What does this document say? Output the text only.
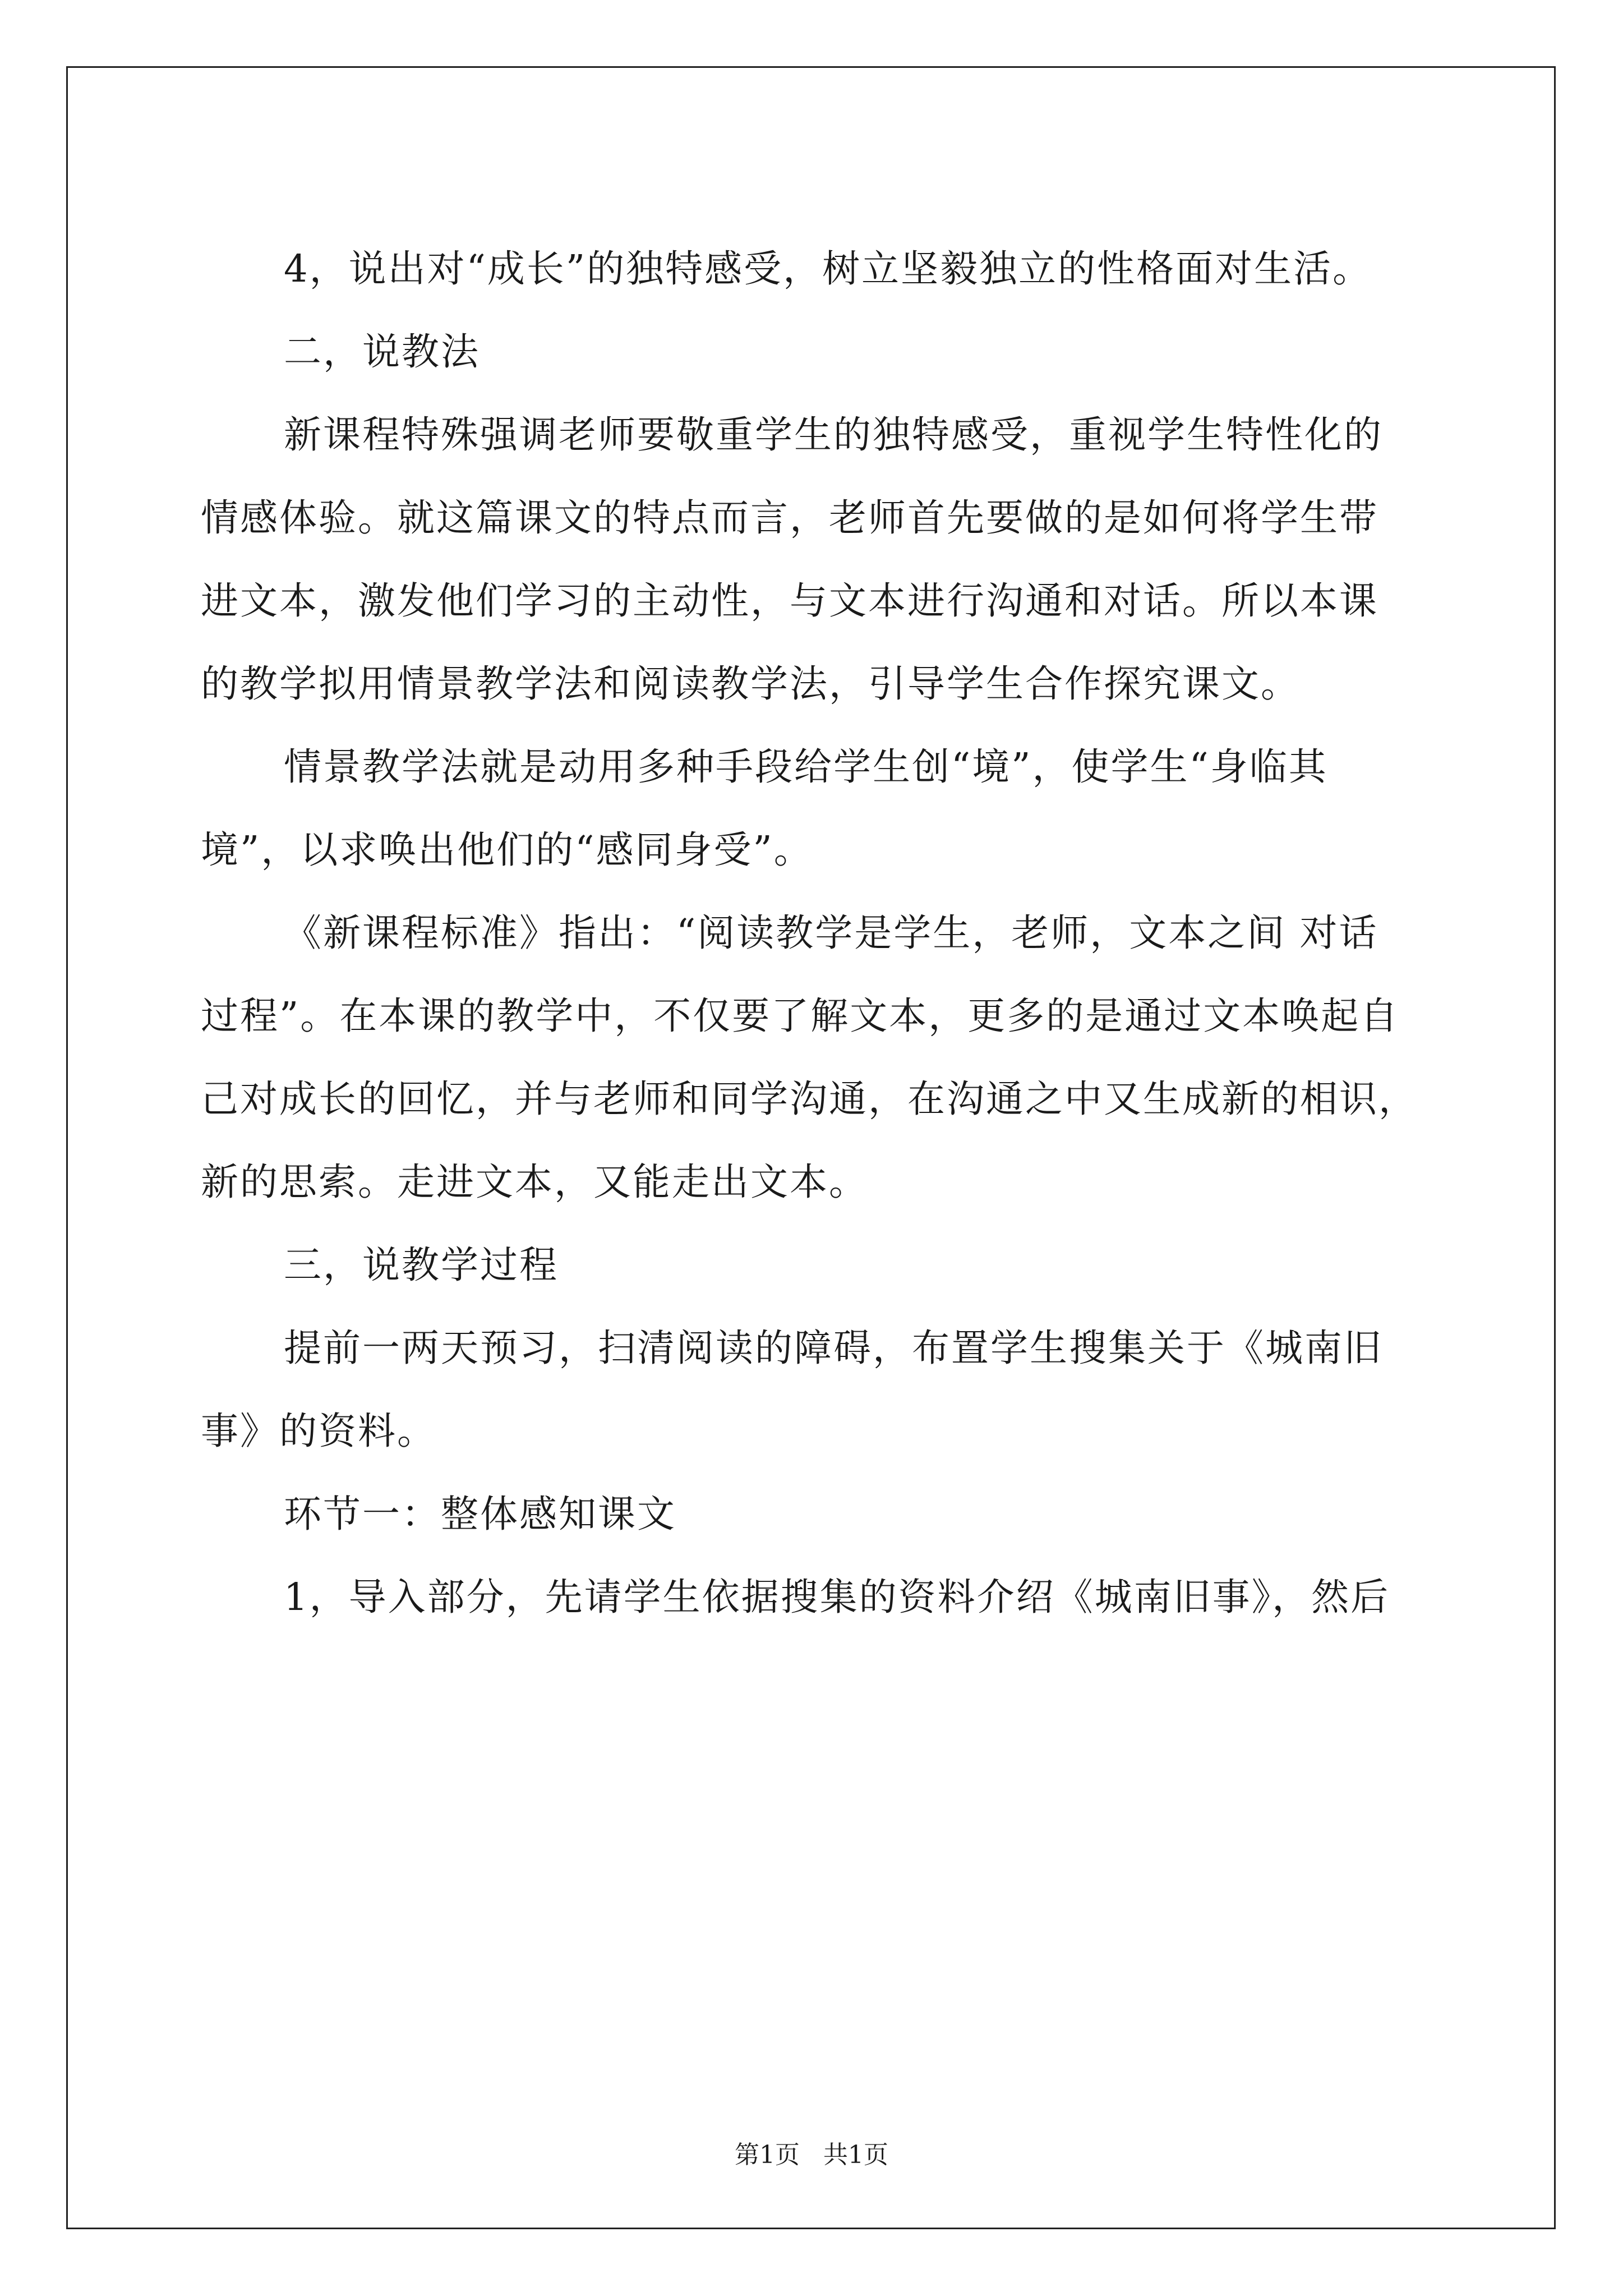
4，说出对“成长”的独特感受，树立坚毅独立的性格面对生活。
二，说教法
新课程特殊强调老师要敬重学生的独特感受，重视学生特性化的
情感体验。就这篇课文的特点而言，老师首先要做的是如何将学生带
进文本，激发他们学习的主动性，与文本进行沟通和对话。所以本课
的教学拟用情景教学法和阅读教学法，引导学生合作探究课文。
情景教学法就是动用多种手段给学生创“境”，使学生“身临其
境”，以求唤出他们的“感同身受”。
《新课程标准》指出：“阅读教学是学生，老师，文本之间 对话
过程”。在本课的教学中，不仅要了解文本，更多的是通过文本唤起自
己对成长的回忆，并与老师和同学沟通，在沟通之中又生成新的相识，
新的思索。走进文本，又能走出文本。
三，说教学过程
提前一两天预习，扫清阅读的障碍，布置学生搜集关于《城南旧
事》的资料。
环节一：整体感知课文
1，导入部分，先请学生依据搜集的资料介绍《城南旧事》，然后
第1页   共1页
